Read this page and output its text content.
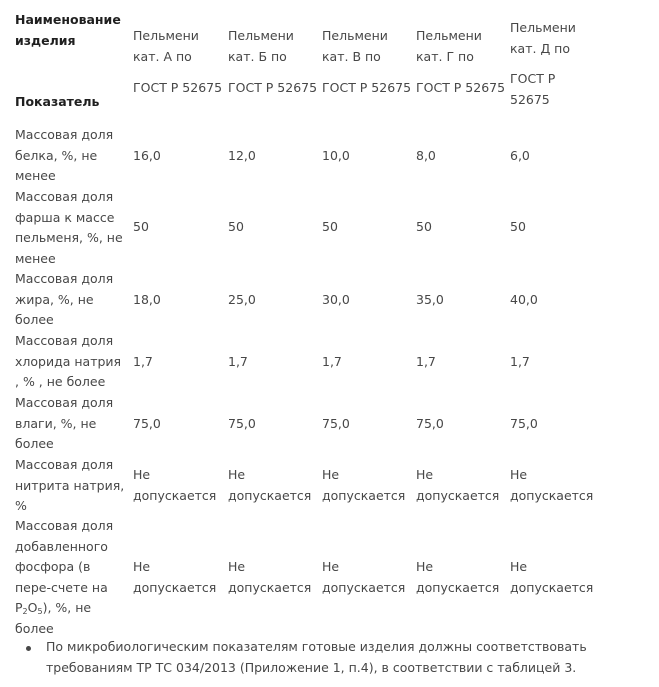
Наименование
изделия
Показатель
Пельмени
кат. А по
ГОСТ Р 52675
Пельмени
кат. Б по
ГОСТ Р 52675
Пельмени
кат. В по
ГОСТ Р 52675
Пельмени
кат. Г по
ГОСТ Р 52675
Пельмени
кат. Д по
ГОСТ Р
52675
Массовая доля
белка, %, не
менее
16,0	12,0	10,0	8,0	6,0
Массовая доля
фарша к массе
пельменя, %, не
менее
50	50	50	50	50
Массовая доля
жира, %, не
более
18,0	25,0	30,0	35,0	40,0
Массовая доля
хлорида натрия
, % , не более
1,7	1,7	1,7	1,7	1,7
Массовая доля
влаги, %, не
более
75,0	75,0	75,0	75,0	75,0
Массовая доля
нитрита натрия,
%
Не
допускается
Не
допускается
Не
допускается
Не
допускается
Не
допускается
Массовая доля
добавленного
фосфора (в
пере-счете на
$P_2O_5$), %, не
более
Не
допускается
Не
допускается
Не
допускается
Не
допускается
Не
допускается
По микробиологическим показателям готовые изделия должны соответствовать
требованиям ТР ТС 034/2013 (Приложение 1, п.4), в соответствии с таблицей 3.
